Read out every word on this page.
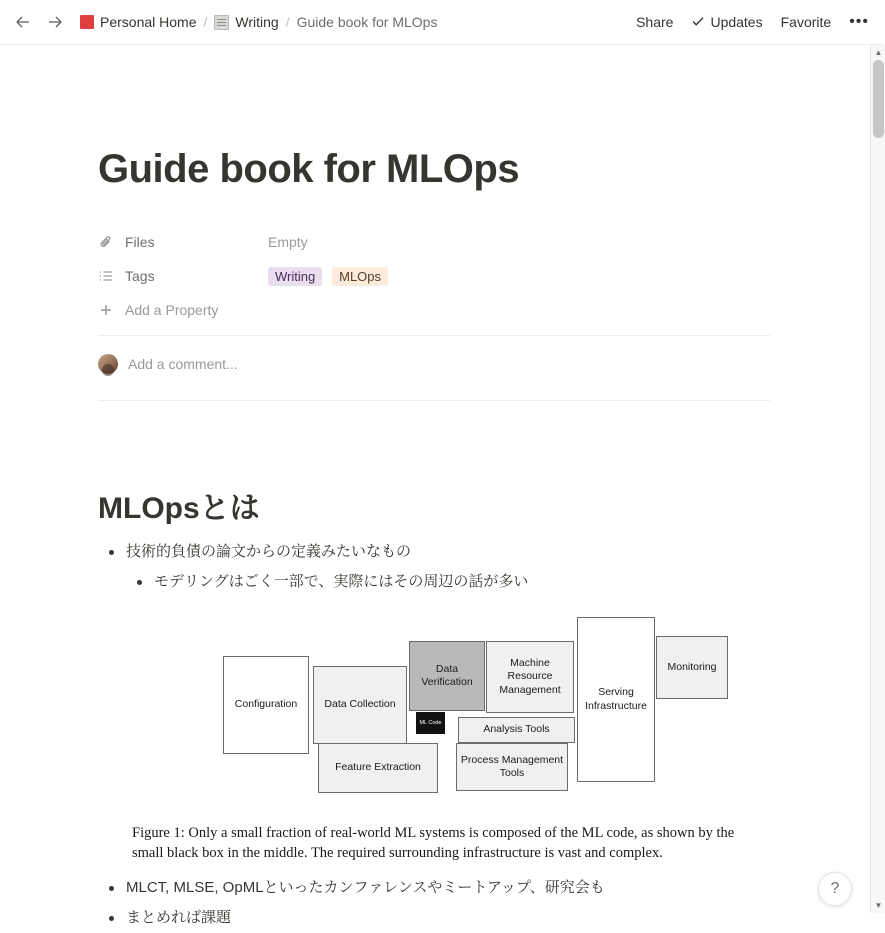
Personal Home / Writing / Guide book for MLOps	Share	Updates Favorite •••
Guide book for MLOps
Files	Empty
Tags	Writing MLOps
Add a Property
Add a comment...
MLOpsとは
技術的負債の論文からの定義みたいなもの
モデリングはごく一部で、実際にはその周辺の話が多い
Configuration	Data Collection
Data Verification
ML Code
Machine Resource Management	Serving Infrastructure
Monitoring
Analysis Tools
Feature Extraction
Process Management Tools
Figure 1: Only a small fraction of real-world ML systems is composed of the ML code, as shown by the small black box in the middle. The required surrounding infrastructure is vast and complex.
MLCT, MLSE, OpMLといったカンファレンスやミートアップ、研究会も
まとめれば課題
▲
▼
?
